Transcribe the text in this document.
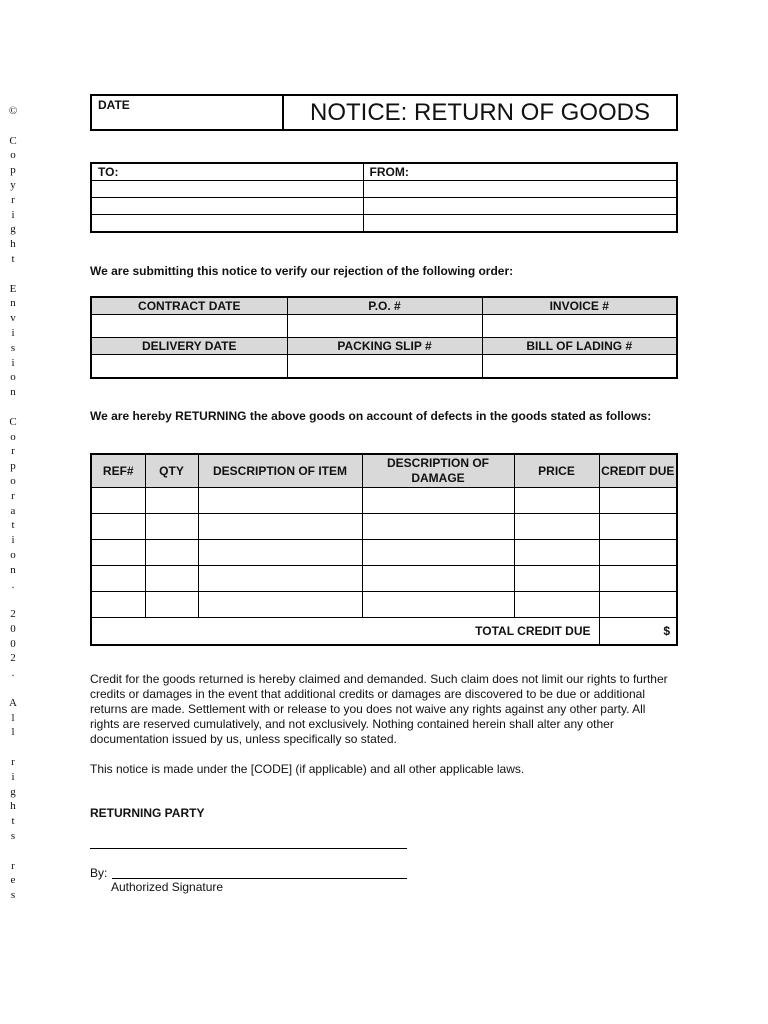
©

C
o
p
y
r
i
g
h
t

E
n
v
i
s
i
o
n

C
o
r
p
o
r
a
t
i
o
n
.

2
0
0
2
.

A
l
l

r
i
g
h
t
s

r
e
s
DATE	NOTICE: RETURN OF GOODS
TO:	FROM:

We are submitting this notice to verify our rejection of the following order:
CONTRACT DATE	P.O. #	INVOICE #

DELIVERY DATE	PACKING SLIP #	BILL OF LADING #

We are hereby RETURNING the above goods on account of defects in the goods stated as follows:
REF#	QTY	DESCRIPTION OF ITEM	DESCRIPTION OF DAMAGE	PRICE	CREDIT DUE

TOTAL CREDIT DUE					$
Credit for the goods returned is hereby claimed and demanded. Such claim does not limit our rights to further credits or damages in the event that additional credits or damages are discovered to be due or additional returns are made. Settlement with or release to you does not waive any rights against any other party. All rights are reserved cumulatively, and not exclusively. Nothing contained herein shall alter any other documentation issued by us, unless specifically so stated.
This notice is made under the [CODE] (if applicable) and all other applicable laws.
RETURNING PARTY
By:
Authorized Signature
